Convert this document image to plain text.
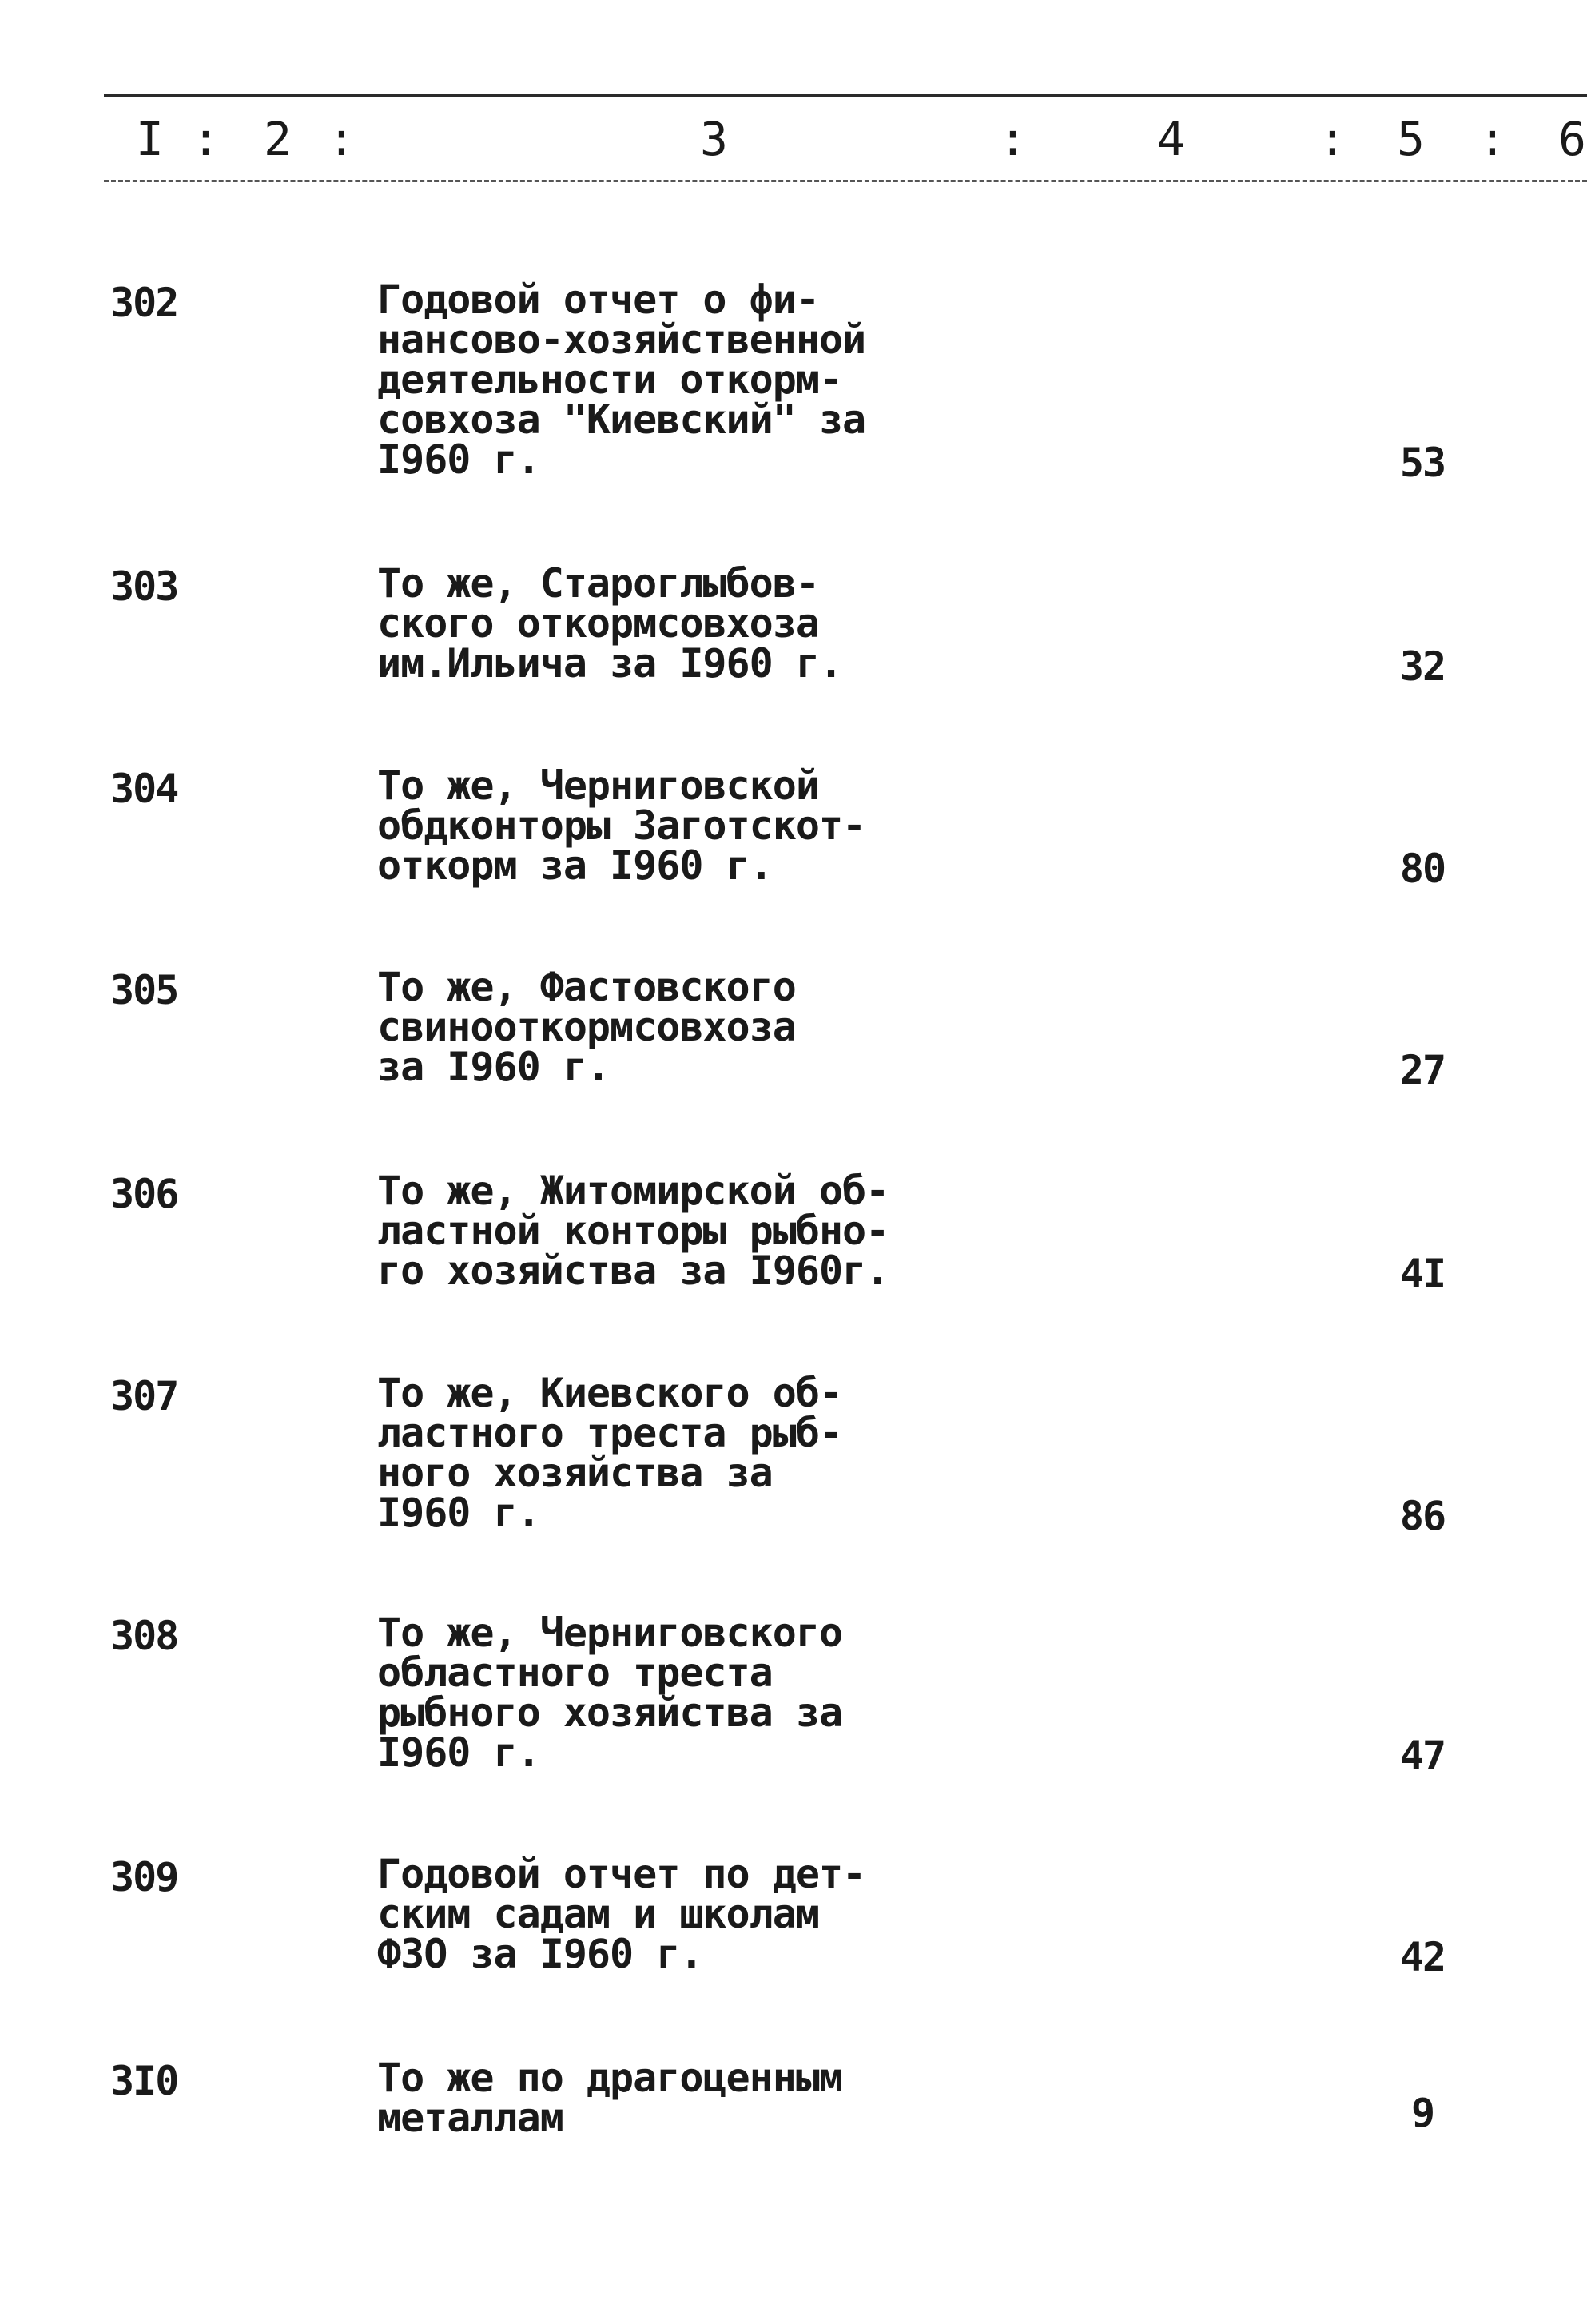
I : 2 :	3	:	4	: 5 : 6
302	Годовой отчет о фи-
нансово-хозяйственной
деятельности откорм-
совхоза "Киевский" за
I960 г.	53
303	То же, Староглыбов-
ского откормсовхоза
им.Ильича за I960 г.	32
304	То же, Черниговской
обдконторы Заготскот-
откорм за I960 г.	80
305	То же, Фастовского
свинооткормсовхоза
за I960 г.	27
306	То же, Житомирской об-
ластной конторы рыбно-
го хозяйства за I960г.	4I
307	То же, Киевского об-
ластного треста рыб-
ного хозяйства за
I960 г.	86
308	То же, Черниговского
областного треста
рыбного хозяйства за
I960 г.	47
309	Годовой отчет по дет-
ским садам и школам
ФЗО за I960 г.	42
3I0	То же по драгоценным
металлам	9
